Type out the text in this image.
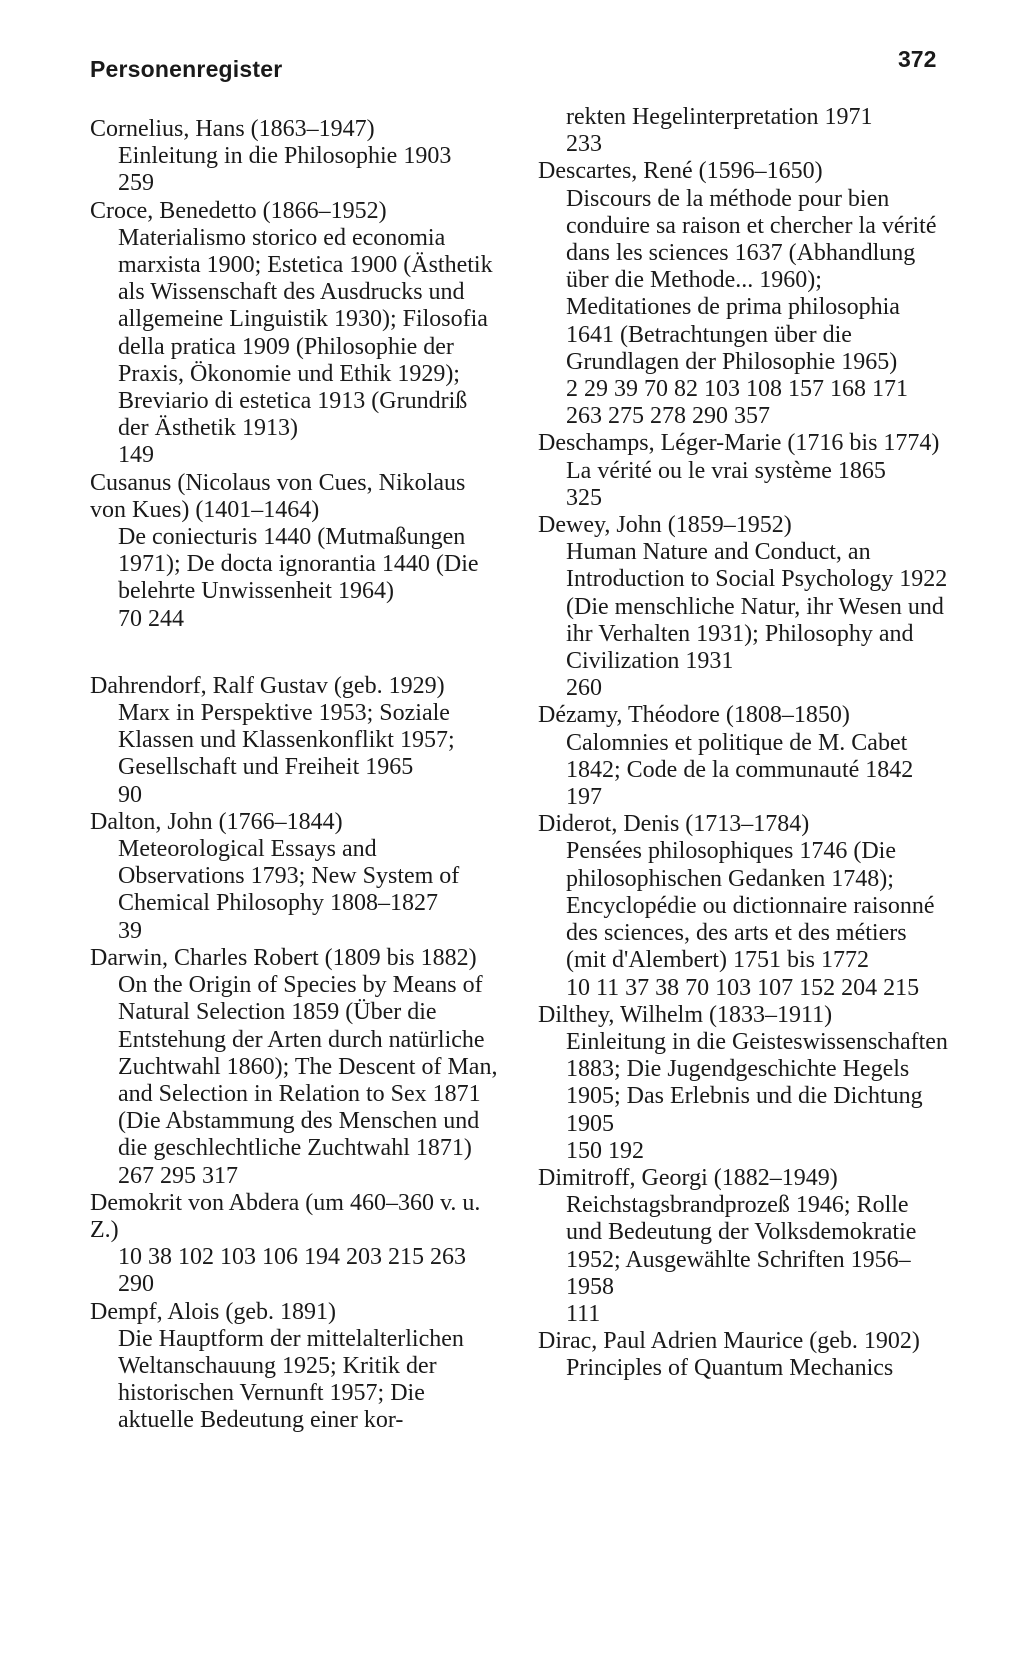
Personenregister	372
Cornelius, Hans (1863–1947)
Einleitung in die Philosophie 1903
259
Croce, Benedetto (1866–1952)
Materialismo storico ed economia marxista 1900; Estetica 1900 (Ästhetik als Wissenschaft des Ausdrucks und allgemeine Linguistik 1930); Filosofia della pratica 1909 (Philosophie der Praxis, Ökonomie und Ethik 1929); Breviario di estetica 1913 (Grundriß der Ästhetik 1913)
149
Cusanus (Nicolaus von Cues, Nikolaus von Kues) (1401–1464)
De coniecturis 1440 (Mutmaßungen 1971); De docta ignorantia 1440 (Die belehrte Unwissenheit 1964)
70 244
Dahrendorf, Ralf Gustav (geb. 1929)
Marx in Perspektive 1953; Soziale Klassen und Klassenkonflikt 1957; Gesellschaft und Freiheit 1965
90
Dalton, John (1766–1844)
Meteorological Essays and Observations 1793; New System of Chemical Philosophy 1808–1827
39
Darwin, Charles Robert (1809 bis 1882)
On the Origin of Species by Means of Natural Selection 1859 (Über die Entstehung der Arten durch natürliche Zuchtwahl 1860); The Descent of Man, and Selection in Relation to Sex 1871 (Die Abstammung des Menschen und die geschlechtliche Zuchtwahl 1871)
267 295 317
Demokrit von Abdera (um 460–360 v. u. Z.)
10 38 102 103 106 194 203 215 263 290
Dempf, Alois (geb. 1891)
Die Hauptform der mittelalterlichen Weltanschauung 1925; Kritik der historischen Vernunft 1957; Die aktuelle Bedeutung einer kor-
rekten Hegelinterpretation 1971
233
Descartes, René (1596–1650)
Discours de la méthode pour bien conduire sa raison et chercher la vérité dans les sciences 1637 (Abhandlung über die Methode... 1960); Meditationes de prima philosophia 1641 (Betrachtungen über die Grundlagen der Philosophie 1965)
2 29 39 70 82 103 108 157 168 171 263 275 278 290 357
Deschamps, Léger-Marie (1716 bis 1774)
La vérité ou le vrai système 1865
325
Dewey, John (1859–1952)
Human Nature and Conduct, an Introduction to Social Psychology 1922 (Die menschliche Natur, ihr Wesen und ihr Verhalten 1931); Philosophy and Civilization 1931
260
Dézamy, Théodore (1808–1850)
Calomnies et politique de M. Cabet 1842; Code de la communauté 1842
197
Diderot, Denis (1713–1784)
Pensées philosophiques 1746 (Die philosophischen Gedanken 1748); Encyclopédie ou dictionnaire raisonné des sciences, des arts et des métiers (mit d'Alembert) 1751 bis 1772
10 11 37 38 70 103 107 152 204 215
Dilthey, Wilhelm (1833–1911)
Einleitung in die Geisteswissenschaften 1883; Die Jugendgeschichte Hegels 1905; Das Erlebnis und die Dichtung 1905
150 192
Dimitroff, Georgi (1882–1949)
Reichstagsbrandprozeß 1946; Rolle und Bedeutung der Volksdemokratie 1952; Ausgewählte Schriften 1956–1958
111
Dirac, Paul Adrien Maurice (geb. 1902)
Principles of Quantum Mechanics
